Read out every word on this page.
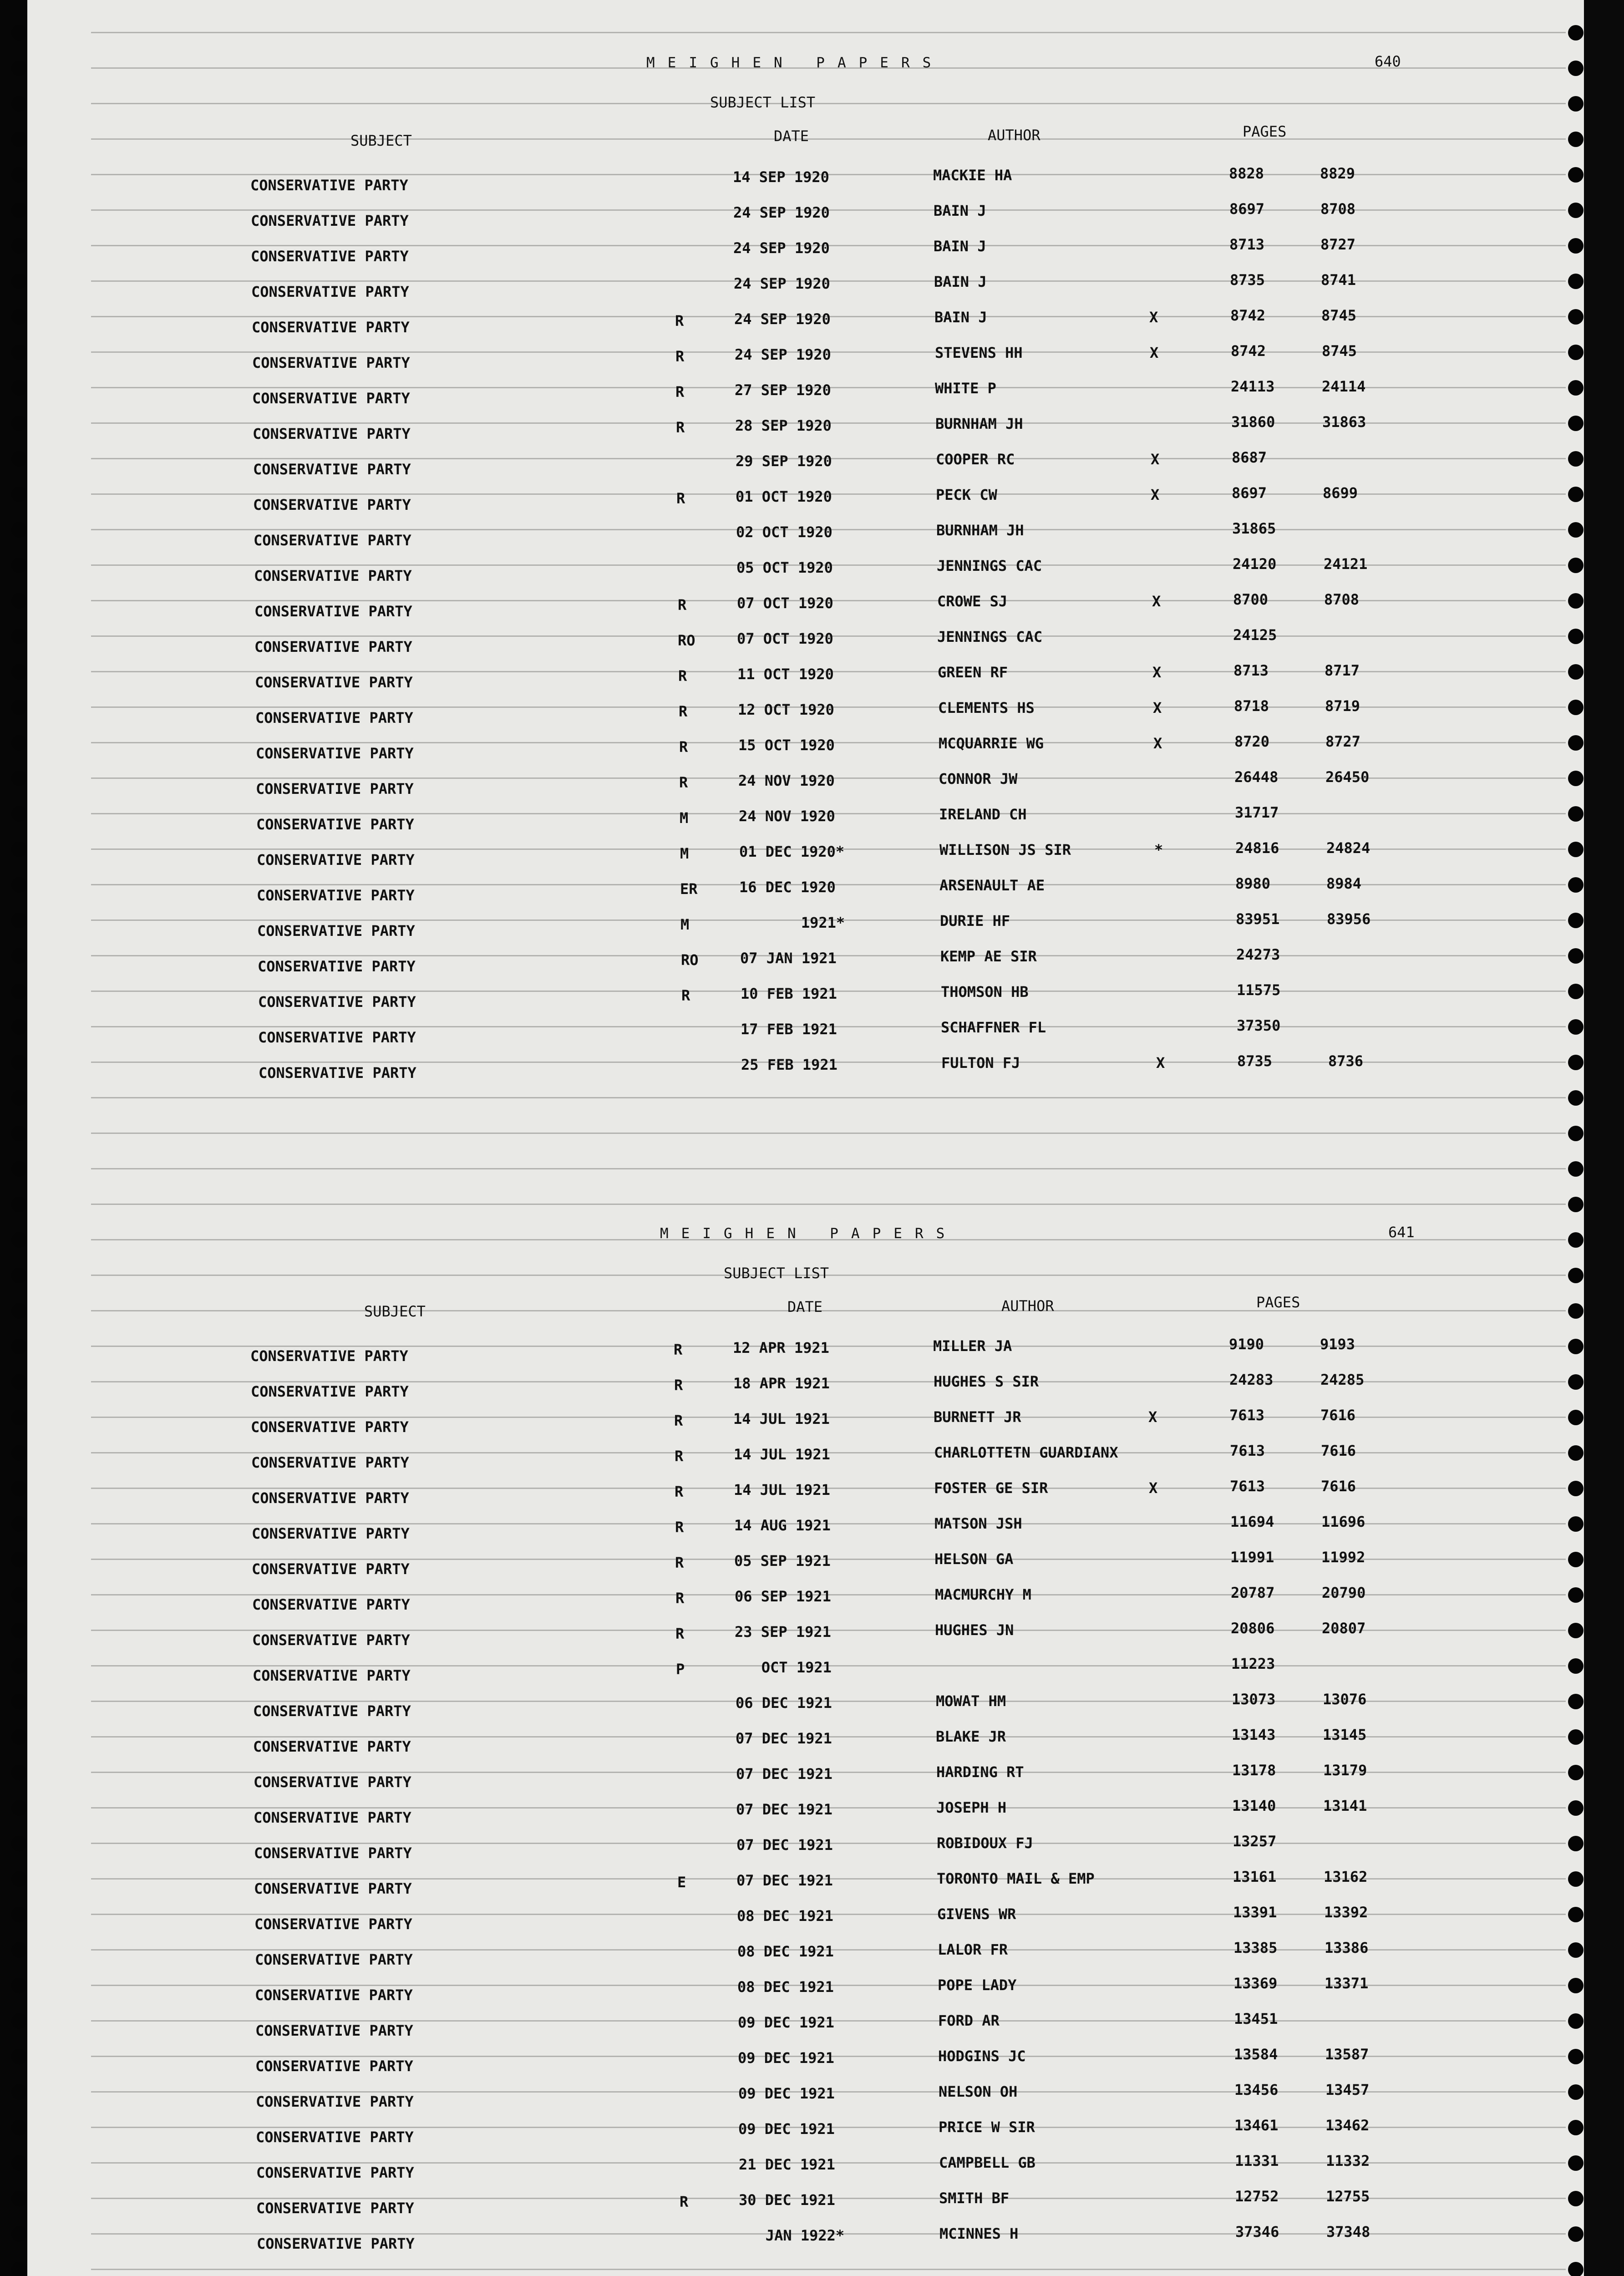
MEIGHEN PAPERS	640
SUBJECT LIST
SUBJECT	DATE	AUTHOR	PAGES
CONSERVATIVE PARTY	14 SEP 1920	MACKIE HA	8828	8829
CONSERVATIVE PARTY	24 SEP 1920	BAIN J	8697	8708
CONSERVATIVE PARTY	24 SEP 1920	BAIN J	8713	8727
CONSERVATIVE PARTY	24 SEP 1920	BAIN J	8735	8741
CONSERVATIVE PARTY	R	24 SEP 1920	BAIN J	X	8742	8745
CONSERVATIVE PARTY	R	24 SEP 1920	STEVENS HH	X	8742	8745
CONSERVATIVE PARTY	R	27 SEP 1920	WHITE P	24113	24114
CONSERVATIVE PARTY	R	28 SEP 1920	BURNHAM JH	31860	31863
CONSERVATIVE PARTY	29 SEP 1920	COOPER RC	X	8687
CONSERVATIVE PARTY	R	01 OCT 1920	PECK CW	X	8697	8699
CONSERVATIVE PARTY	02 OCT 1920	BURNHAM JH	31865
CONSERVATIVE PARTY	05 OCT 1920	JENNINGS CAC	24120	24121
CONSERVATIVE PARTY	R	07 OCT 1920	CROWE SJ	X	8700	8708
CONSERVATIVE PARTY	RO	07 OCT 1920	JENNINGS CAC	24125
CONSERVATIVE PARTY	R	11 OCT 1920	GREEN RF	X	8713	8717
CONSERVATIVE PARTY	R	12 OCT 1920	CLEMENTS HS	X	8718	8719
CONSERVATIVE PARTY	R	15 OCT 1920	MCQUARRIE WG	X	8720	8727
CONSERVATIVE PARTY	R	24 NOV 1920	CONNOR JW	26448	26450
CONSERVATIVE PARTY	M	24 NOV 1920	IRELAND CH	31717
CONSERVATIVE PARTY	M	01 DEC 1920*	WILLISON JS SIR	*	24816	24824
CONSERVATIVE PARTY	ER	16 DEC 1920	ARSENAULT AE	8980	8984
CONSERVATIVE PARTY	M	1921*	DURIE HF	83951	83956
CONSERVATIVE PARTY	RO	07 JAN 1921	KEMP AE SIR	24273
CONSERVATIVE PARTY	R	10 FEB 1921	THOMSON HB	11575
CONSERVATIVE PARTY	17 FEB 1921	SCHAFFNER FL	37350
CONSERVATIVE PARTY	25 FEB 1921	FULTON FJ	X	8735	8736
MEIGHEN PAPERS	641
SUBJECT LIST
SUBJECT	DATE	AUTHOR	PAGES
CONSERVATIVE PARTY	R	12 APR 1921	MILLER JA	9190	9193
CONSERVATIVE PARTY	R	18 APR 1921	HUGHES S SIR	24283	24285
CONSERVATIVE PARTY	R	14 JUL 1921	BURNETT JR	X	7613	7616
CONSERVATIVE PARTY	R	14 JUL 1921	CHARLOTTETN GUARDIANX	7613	7616
CONSERVATIVE PARTY	R	14 JUL 1921	FOSTER GE SIR	X	7613	7616
CONSERVATIVE PARTY	R	14 AUG 1921	MATSON JSH	11694	11696
CONSERVATIVE PARTY	R	05 SEP 1921	HELSON GA	11991	11992
CONSERVATIVE PARTY	R	06 SEP 1921	MACMURCHY M	20787	20790
CONSERVATIVE PARTY	R	23 SEP 1921	HUGHES JN	20806	20807
CONSERVATIVE PARTY	P	OCT 1921	11223
CONSERVATIVE PARTY	06 DEC 1921	MOWAT HM	13073	13076
CONSERVATIVE PARTY	07 DEC 1921	BLAKE JR	13143	13145
CONSERVATIVE PARTY	07 DEC 1921	HARDING RT	13178	13179
CONSERVATIVE PARTY	07 DEC 1921	JOSEPH H	13140	13141
CONSERVATIVE PARTY	07 DEC 1921	ROBIDOUX FJ	13257
CONSERVATIVE PARTY	E	07 DEC 1921	TORONTO MAIL & EMP	13161	13162
CONSERVATIVE PARTY	08 DEC 1921	GIVENS WR	13391	13392
CONSERVATIVE PARTY	08 DEC 1921	LALOR FR	13385	13386
CONSERVATIVE PARTY	08 DEC 1921	POPE LADY	13369	13371
CONSERVATIVE PARTY	09 DEC 1921	FORD AR	13451
CONSERVATIVE PARTY	09 DEC 1921	HODGINS JC	13584	13587
CONSERVATIVE PARTY	09 DEC 1921	NELSON OH	13456	13457
CONSERVATIVE PARTY	09 DEC 1921	PRICE W SIR	13461	13462
CONSERVATIVE PARTY	21 DEC 1921	CAMPBELL GB	11331	11332
CONSERVATIVE PARTY	R	30 DEC 1921	SMITH BF	12752	12755
CONSERVATIVE PARTY	JAN 1922*	MCINNES H	37346	37348
